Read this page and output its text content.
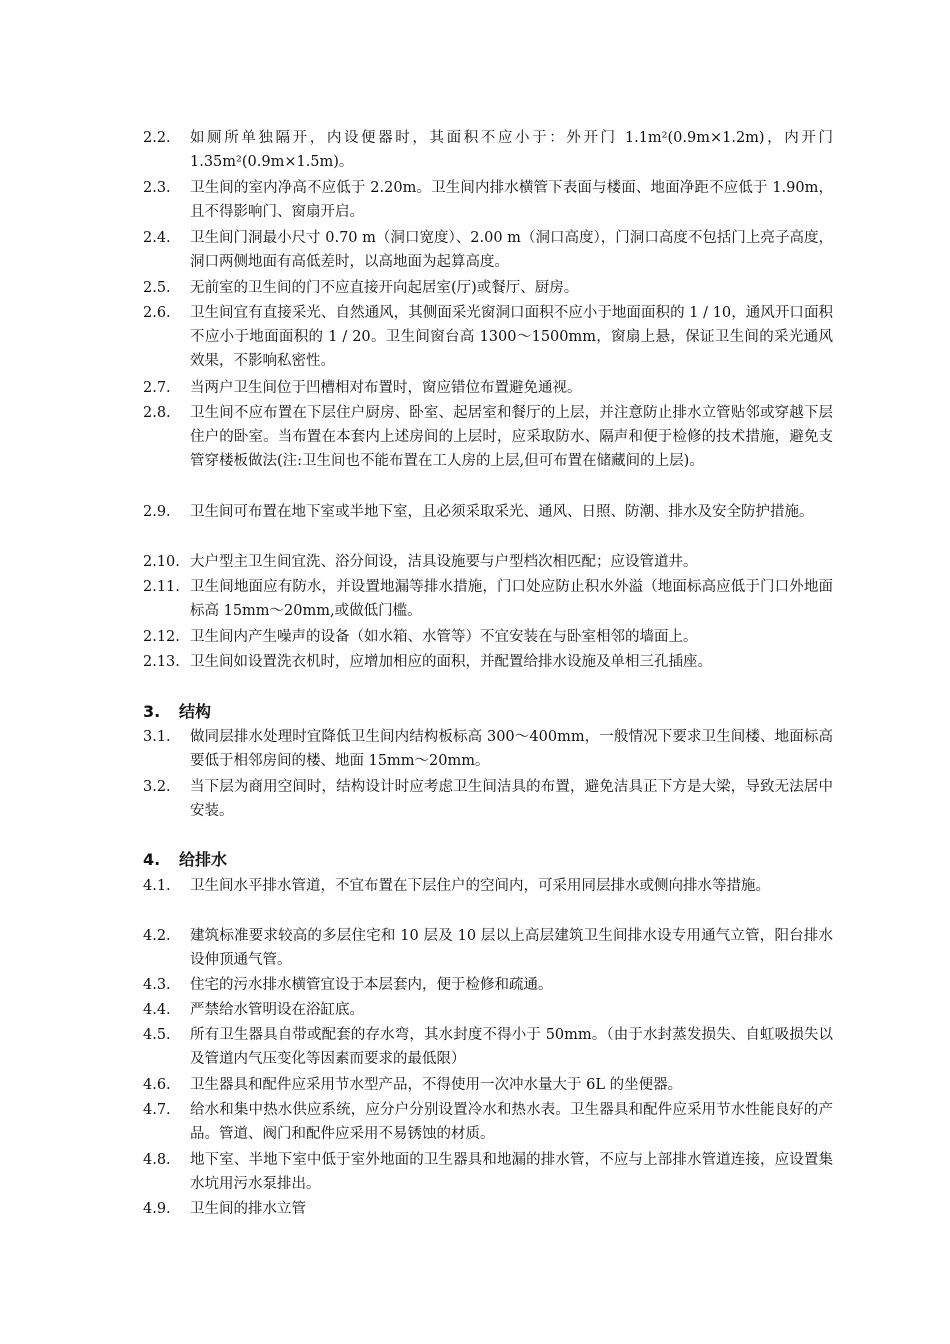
2.2. 如厕所单独隔开，内设便器时，其面积不应小于：外开门 1.1m²(0.9m×1.2m)，内开门 1.35m²(0.9m×1.5m)。
2.3. 卫生间的室内净高不应低于 2.20m。卫生间内排水横管下表面与楼面、地面净距不应低于 1.90m，且不得影响门、窗扇开启。
2.4. 卫生间门洞最小尺寸 0.70 m（洞口宽度）、2.00 m（洞口高度），门洞口高度不包括门上亮子高度，洞口两侧地面有高低差时，以高地面为起算高度。
2.5. 无前室的卫生间的门不应直接开向起居室(厅)或餐厅、厨房。
2.6. 卫生间宜有直接采光、自然通风，其侧面采光窗洞口面积不应小于地面面积的 1 / 10，通风开口面积不应小于地面面积的 1 / 20。卫生间窗台高 1300～1500mm，窗扇上悬，保证卫生间的采光通风效果，不影响私密性。
2.7. 当两户卫生间位于凹槽相对布置时，窗应错位布置避免通视。
2.8. 卫生间不应布置在下层住户厨房、卧室、起居室和餐厅的上层，并注意防止排水立管贴邻或穿越下层住户的卧室。当布置在本套内上述房间的上层时，应采取防水、隔声和便于检修的技术措施，避免支管穿楼板做法(注:卫生间也不能布置在工人房的上层,但可布置在储藏间的上层)。
2.9. 卫生间可布置在地下室或半地下室，且必须采取采光、通风、日照、防潮、排水及安全防护措施。
2.10. 大户型主卫生间宜洗、浴分间设，洁具设施要与户型档次相匹配；应设管道井。
2.11. 卫生间地面应有防水，并设置地漏等排水措施，门口处应防止积水外溢（地面标高应低于门口外地面标高 15mm～20mm,或做低门槛。
2.12. 卫生间内产生噪声的设备（如水箱、水管等）不宜安装在与卧室相邻的墙面上。
2.13. 卫生间如设置洗衣机时，应增加相应的面积，并配置给排水设施及单相三孔插座。
3. 结构
3.1. 做同层排水处理时宜降低卫生间内结构板标高 300～400mm，一般情况下要求卫生间楼、地面标高要低于相邻房间的楼、地面 15mm～20mm。
3.2. 当下层为商用空间时，结构设计时应考虑卫生间洁具的布置，避免洁具正下方是大梁，导致无法居中安装。
4. 给排水
4.1. 卫生间水平排水管道，不宜布置在下层住户的空间内，可采用同层排水或侧向排水等措施。
4.2. 建筑标准要求较高的多层住宅和 10 层及 10 层以上高层建筑卫生间排水设专用通气立管，阳台排水设伸顶通气管。
4.3. 住宅的污水排水横管宜设于本层套内，便于检修和疏通。
4.4. 严禁给水管明设在浴缸底。
4.5. 所有卫生器具自带或配套的存水弯，其水封度不得小于 50mm。（由于水封蒸发损失、自虹吸损失以及管道内气压变化等因素而要求的最低限）
4.6. 卫生器具和配件应采用节水型产品，不得使用一次冲水量大于 6L 的坐便器。
4.7. 给水和集中热水供应系统，应分户分别设置冷水和热水表。卫生器具和配件应采用节水性能良好的产品。管道、阀门和配件应采用不易锈蚀的材质。
4.8. 地下室、半地下室中低于室外地面的卫生器具和地漏的排水管，不应与上部排水管道连接，应设置集水坑用污水泵排出。
4.9. 卫生间的排水立管
